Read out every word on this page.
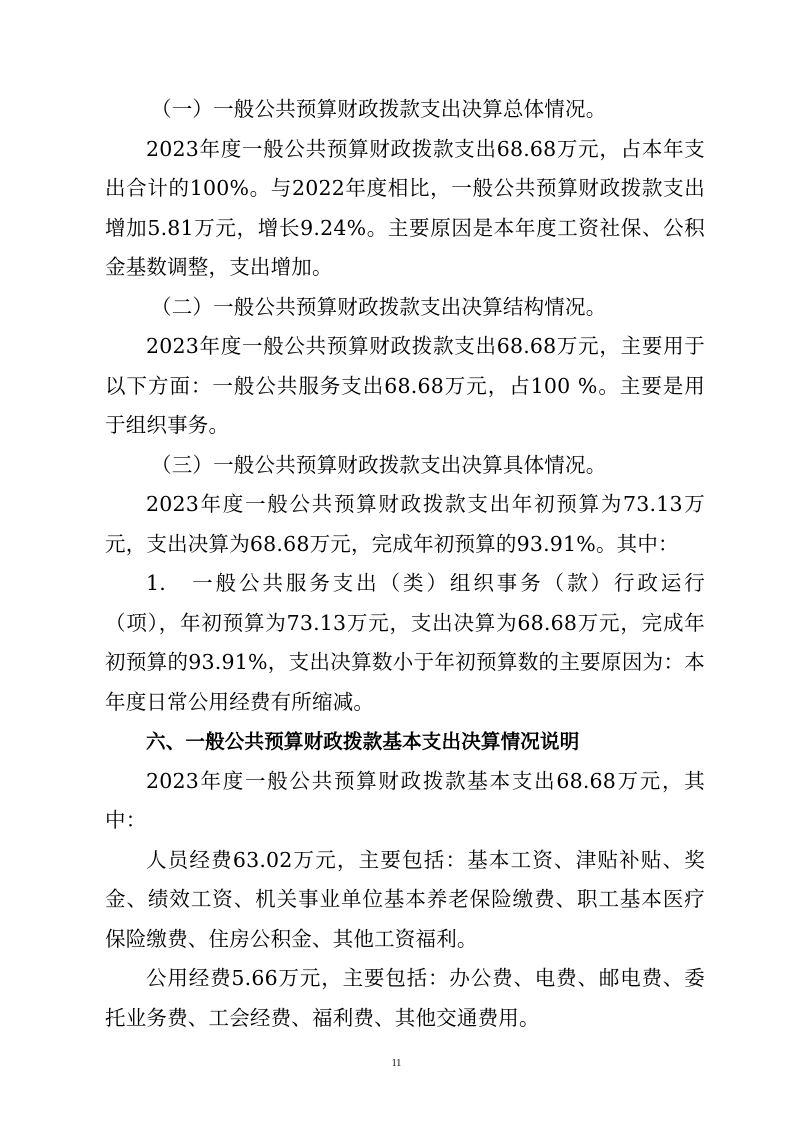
（一）一般公共预算财政拨款支出决算总体情况。

2023年度一般公共预算财政拨款支出68.68万元，占本年支出合计的100%。与2022年度相比，一般公共预算财政拨款支出增加5.81万元，增长9.24%。主要原因是本年度工资社保、公积金基数调整，支出增加。

（二）一般公共预算财政拨款支出决算结构情况。

2023年度一般公共预算财政拨款支出68.68万元，主要用于以下方面：一般公共服务支出68.68万元，占100 %。主要是用于组织事务。

（三）一般公共预算财政拨款支出决算具体情况。

2023年度一般公共预算财政拨款支出年初预算为73.13万元，支出决算为68.68万元，完成年初预算的93.91%。其中：

1.　一般公共服务支出（类）组织事务（款）行政运行（项），年初预算为73.13万元，支出决算为68.68万元，完成年初预算的93.91%，支出决算数小于年初预算数的主要原因为：本年度日常公用经费有所缩减。

六、一般公共预算财政拨款基本支出决算情况说明

2023年度一般公共预算财政拨款基本支出68.68万元，其中：

人员经费63.02万元，主要包括：基本工资、津贴补贴、奖金、绩效工资、机关事业单位基本养老保险缴费、职工基本医疗保险缴费、住房公积金、其他工资福利。

公用经费5.66万元，主要包括：办公费、电费、邮电费、委托业务费、工会经费、福利费、其他交通费用。

11
